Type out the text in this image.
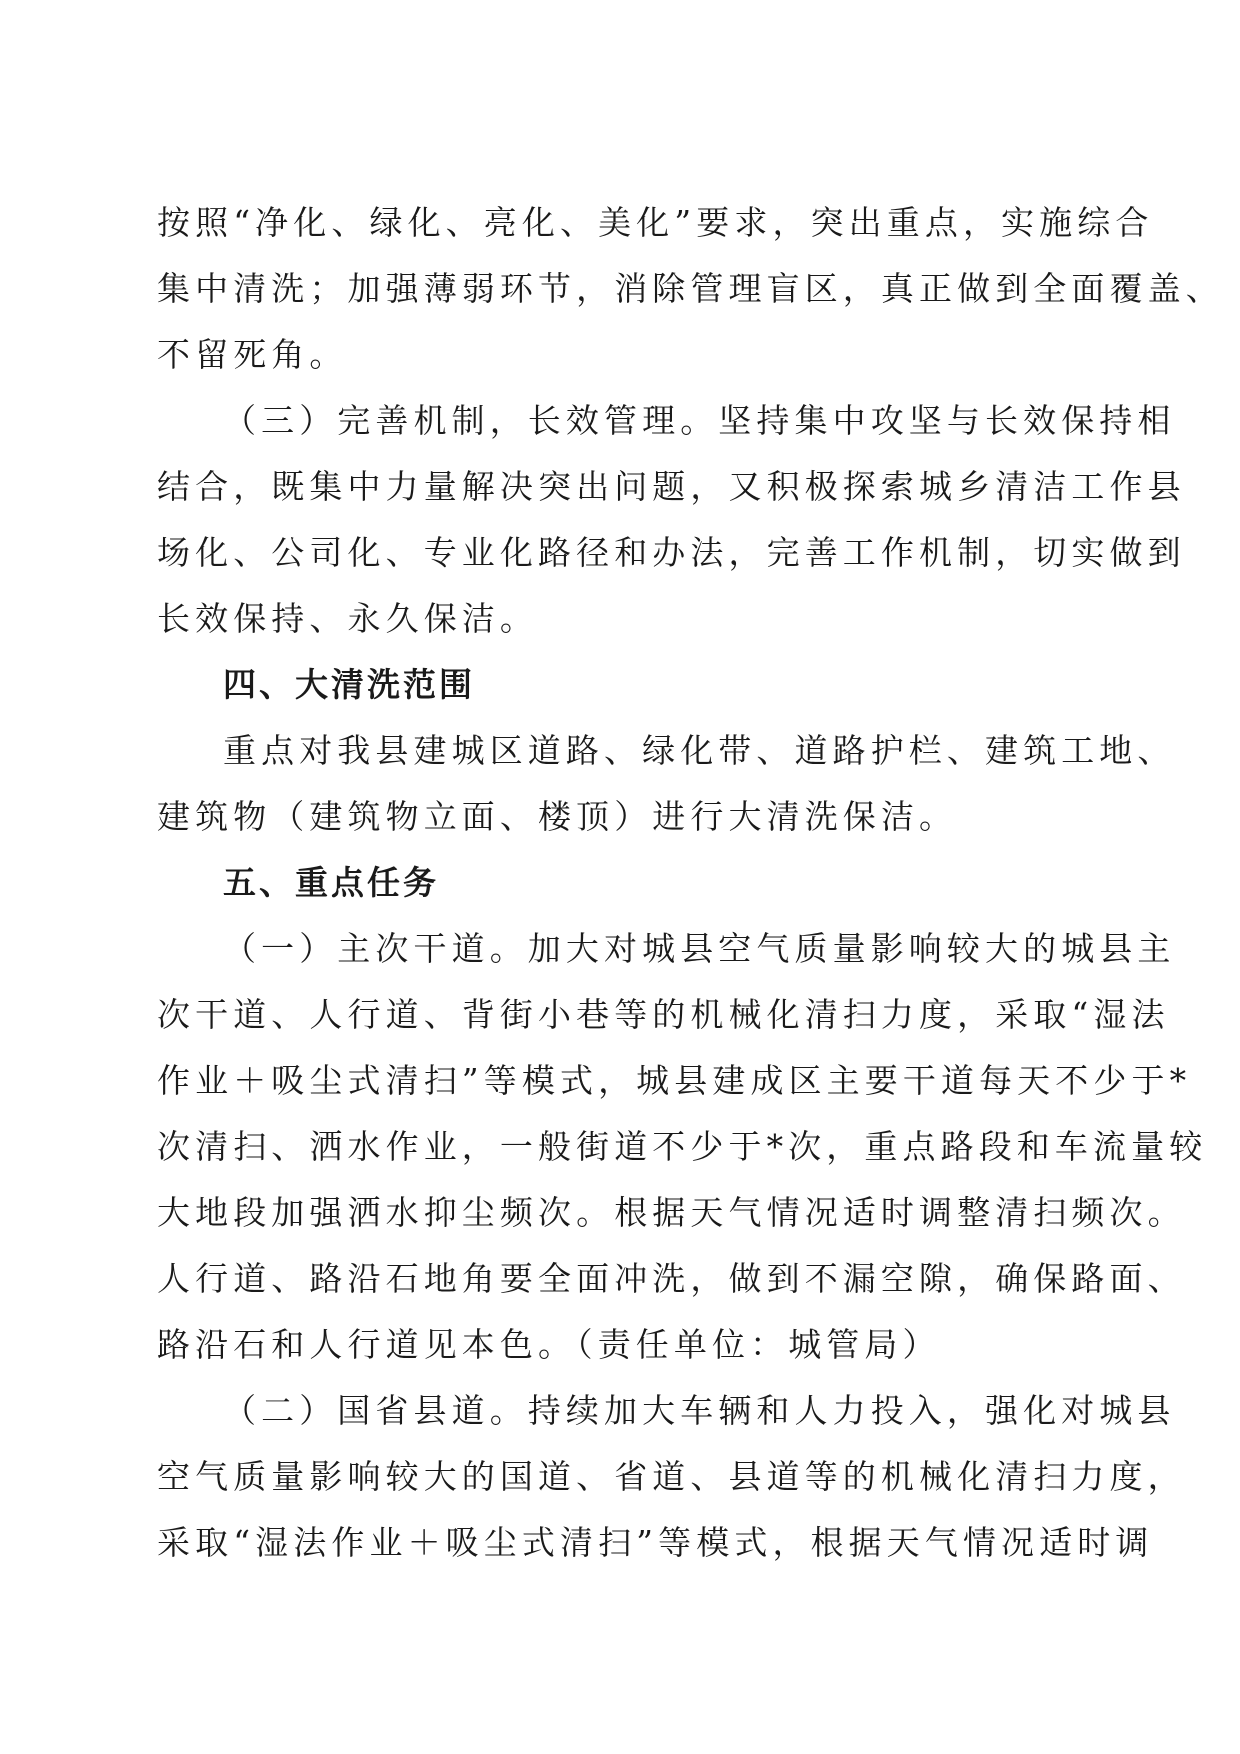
按照“净化、绿化、亮化、美化”要求，突出重点，实施综合
集中清洗；加强薄弱环节，消除管理盲区，真正做到全面覆盖、
不留死角。
（三）完善机制，长效管理。坚持集中攻坚与长效保持相
结合，既集中力量解决突出问题，又积极探索城乡清洁工作县
场化、公司化、专业化路径和办法，完善工作机制，切实做到
长效保持、永久保洁。
四、大清洗范围
重点对我县建城区道路、绿化带、道路护栏、建筑工地、
建筑物（建筑物立面、楼顶）进行大清洗保洁。
五、重点任务
（一）主次干道。加大对城县空气质量影响较大的城县主
次干道、人行道、背街小巷等的机械化清扫力度，采取“湿法
作业＋吸尘式清扫”等模式，城县建成区主要干道每天不少于*
次清扫、洒水作业，一般街道不少于*次，重点路段和车流量较
大地段加强洒水抑尘频次。根据天气情况适时调整清扫频次。
人行道、路沿石地角要全面冲洗，做到不漏空隙，确保路面、
路沿石和人行道见本色。（责任单位：城管局）
（二）国省县道。持续加大车辆和人力投入，强化对城县
空气质量影响较大的国道、省道、县道等的机械化清扫力度，
采取“湿法作业＋吸尘式清扫”等模式，根据天气情况适时调
